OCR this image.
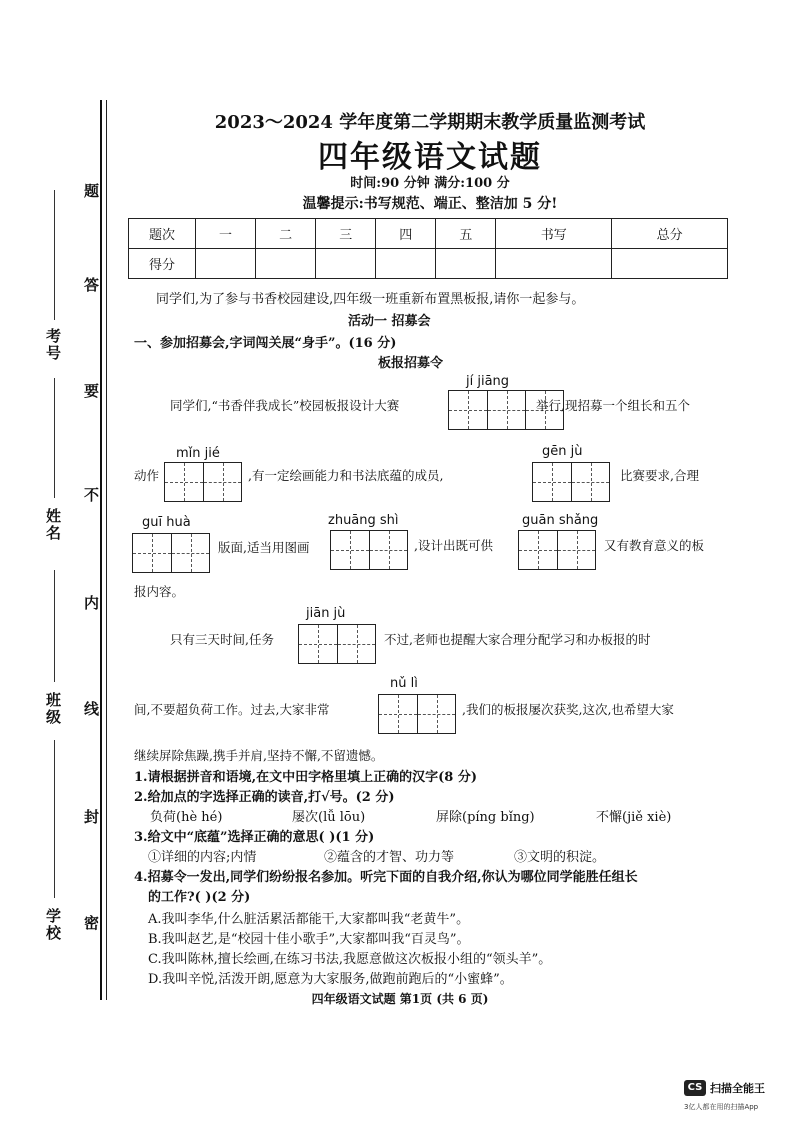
题
答
要
不
内
线
封
密
考号
姓名
班级
学校
2023～2024 学年度第二学期期末教学质量监测考试
四年级语文试题
时间:90 分钟 满分:100 分
温馨提示:书写规范、端正、整洁加 5 分!
题次	一	二	三	四	五	书写	总分
得分							
同学们,为了参与书香校园建设,四年级一班重新布置黑板报,请你一起参与。
活动一 招募会
一、参加招募会,字词闯关展“身手”。(16 分)
板报招募令
jí jiāng
同学们,“书香伴我成长”校园板报设计大赛	举行,现招募一个组长和五个
mǐn jié	gēn jù
动作	,有一定绘画能力和书法底蕴的成员,	比赛要求,合理
guī huà	zhuāng shì	guān shǎng
版面,适当用图画	,设计出既可供	又有教育意义的板
报内容。
jiān jù
只有三天时间,任务	不过,老师也提醒大家合理分配学习和办板报的时
nǔ lì
间,不要超负荷工作。过去,大家非常	,我们的板报屡次获奖,这次,也希望大家
继续屏除焦躁,携手并肩,坚持不懈,不留遗憾。
1.请根据拼音和语境,在文中田字格里填上正确的汉字(8 分)
2.给加点的字选择正确的读音,打√号。(2 分)
负荷(hè hé)	屡次(lǚ lōu)	屏除(píng bǐng)	不懈(jiě xiè)
3.给文中“底蕴”选择正确的意思( )(1 分)
①详细的内容;内情	②蕴含的才智、功力等	③文明的积淀。
4.招募令一发出,同学们纷纷报名参加。听完下面的自我介绍,你认为哪位同学能胜任组长
的工作?( )(2 分)
A.我叫李华,什么脏活累活都能干,大家都叫我“老黄牛”。
B.我叫赵艺,是“校园十佳小歌手”,大家都叫我“百灵鸟”。
C.我叫陈林,擅长绘画,在练习书法,我愿意做这次板报小组的“领头羊”。
D.我叫辛悦,活泼开朗,愿意为大家服务,做跑前跑后的“小蜜蜂”。
四年级语文试题 第1页 (共 6 页)
CS 扫描全能王
3亿人都在用的扫描App
